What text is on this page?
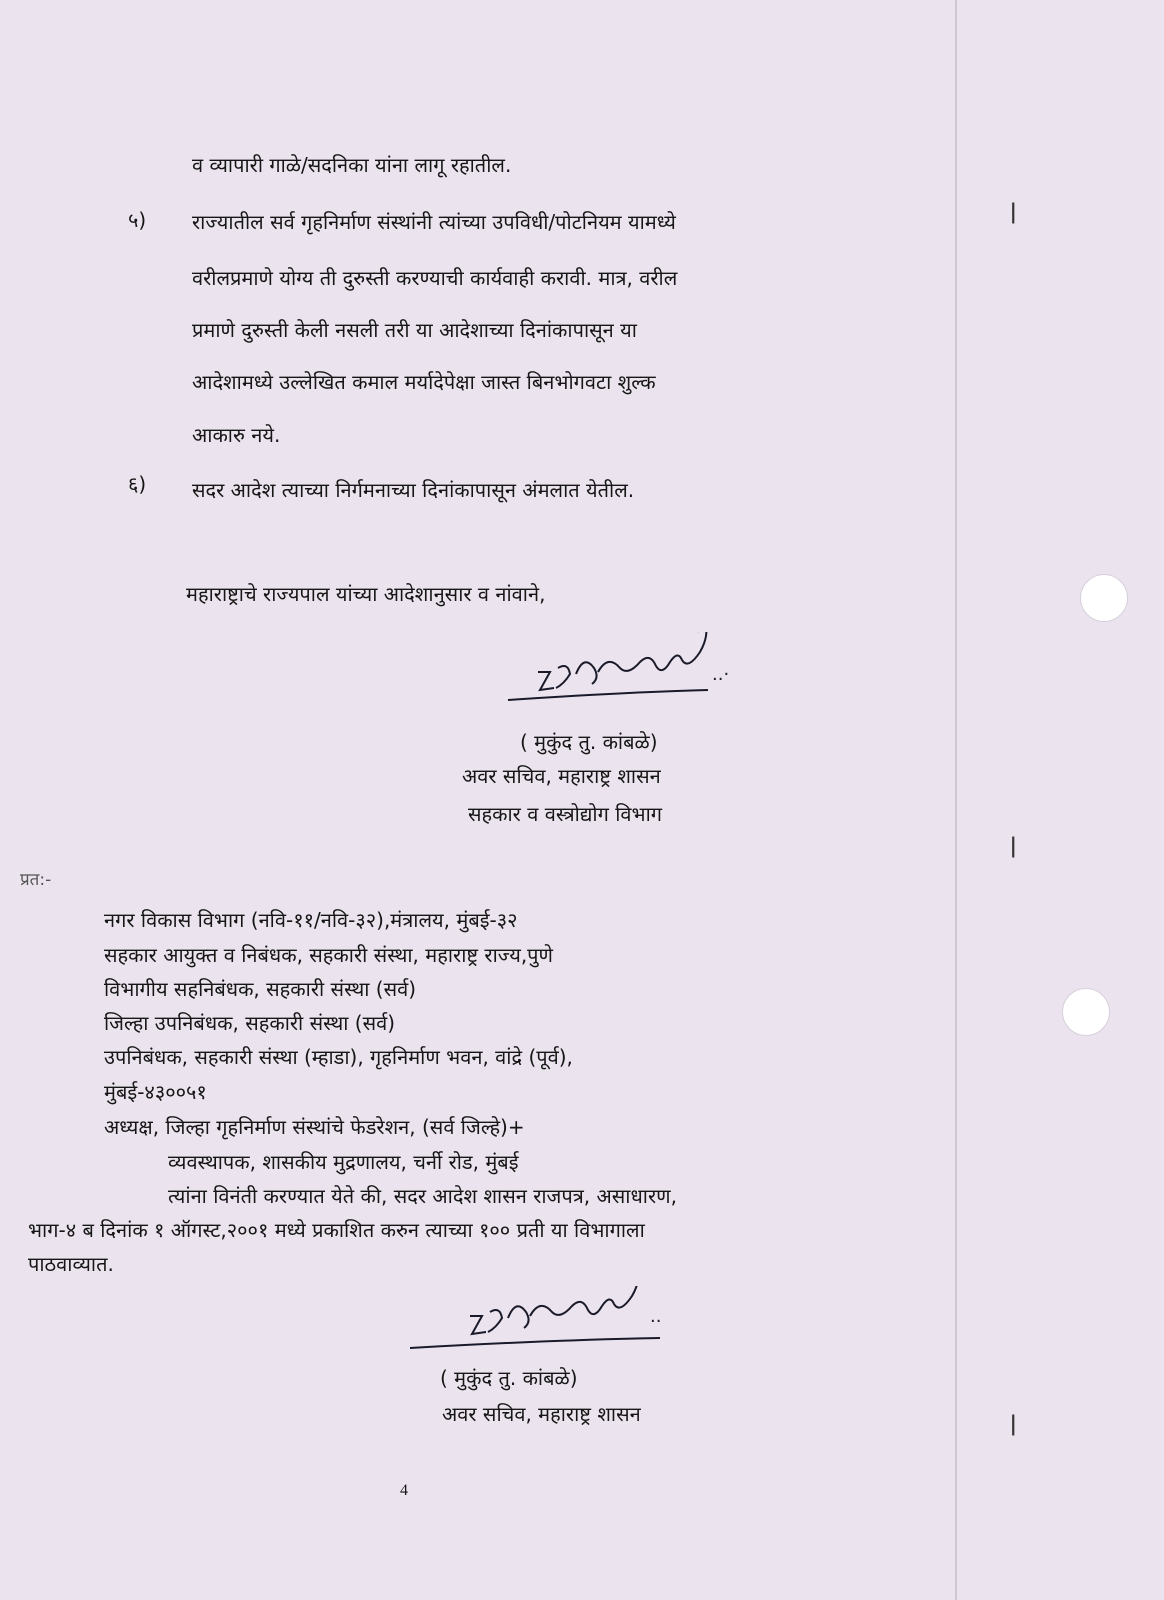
ǀ
ǀ
ǀ
व व्यापारी गाळे/सदनिका यांना लागू रहातील.
५) राज्यातील सर्व गृहनिर्माण संस्थांनी त्यांच्या उपविधी/पोटनियम यामध्ये
वरीलप्रमाणे योग्य ती दुरुस्ती करण्याची कार्यवाही करावी. मात्र, वरील
प्रमाणे दुरुस्ती केली नसली तरी या आदेशाच्या दिनांकापासून या
आदेशामध्ये उल्लेखित कमाल मर्यादेपेक्षा जास्त बिनभोगवटा शुल्क
आकारु नये.
६) सदर आदेश त्याच्या निर्गमनाच्या दिनांकापासून अंमलात येतील.
महाराष्ट्राचे राज्यपाल यांच्या आदेशानुसार व नांवाने,
..·
( मुकुंद तु. कांबळे)
अवर सचिव, महाराष्ट्र शासन
सहकार व वस्त्रोद्योग विभाग
प्रत:-
नगर विकास विभाग (नवि-११/नवि-३२),मंत्रालय, मुंबई-३२
सहकार आयुक्त व निबंधक, सहकारी संस्था, महाराष्ट्र राज्य,पुणे
विभागीय सहनिबंधक, सहकारी संस्था (सर्व)
जिल्हा उपनिबंधक, सहकारी संस्था (सर्व)
उपनिबंधक, सहकारी संस्था (म्हाडा), गृहनिर्माण भवन, वांद्रे (पूर्व),
मुंबई-४३००५१
अध्यक्ष, जिल्हा गृहनिर्माण संस्थांचे फेडरेशन, (सर्व जिल्हे)+
व्यवस्थापक, शासकीय मुद्रणालय, चर्नी रोड, मुंबई
त्यांना विनंती करण्यात येते की, सदर आदेश शासन राजपत्र, असाधारण,
भाग-४ ब दिनांक १ ऑगस्ट,२००१ मध्ये प्रकाशित करुन त्याच्या १०० प्रती या विभागाला
पाठवाव्यात.
..
( मुकुंद तु. कांबळे)
अवर सचिव, महाराष्ट्र शासन
4
